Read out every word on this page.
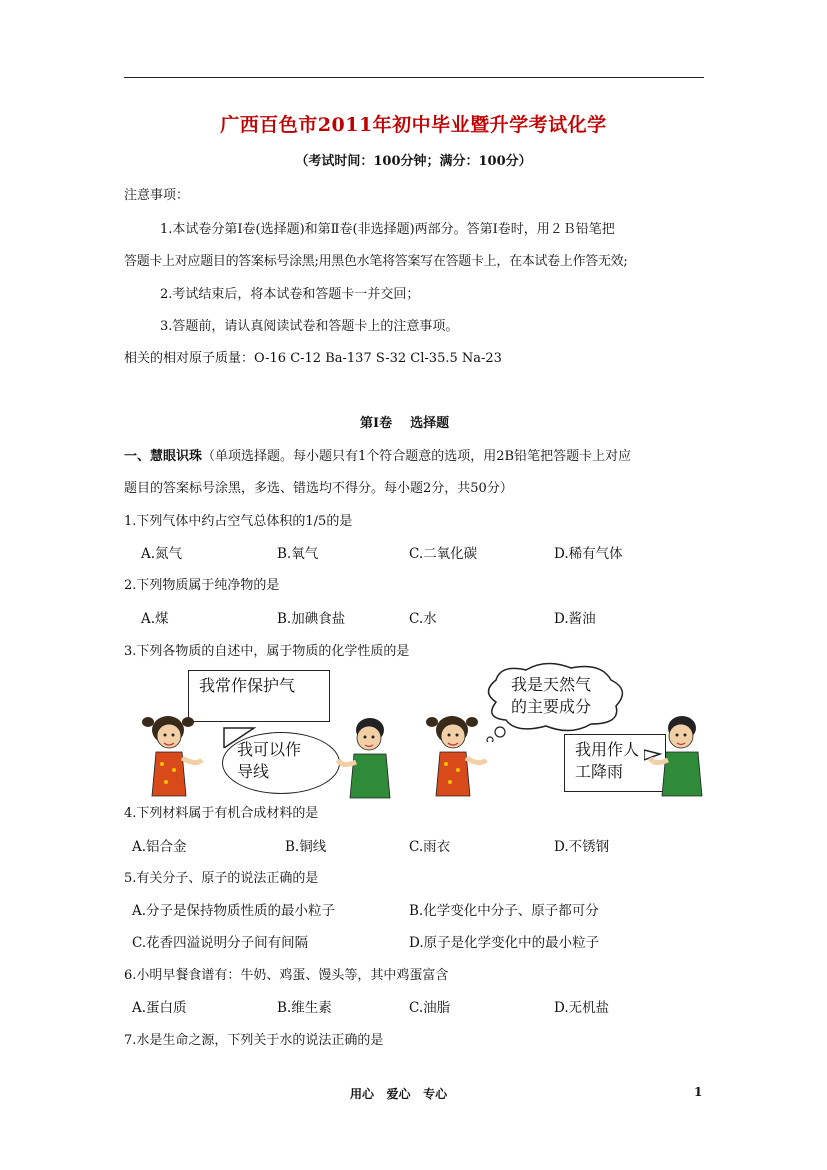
广西百色市2011年初中毕业暨升学考试化学
（考试时间：100分钟；满分：100分）
注意事项：
1.本试卷分第Ⅰ卷(选择题)和第Ⅱ卷(非选择题)两部分。答第Ⅰ卷时，用２Ｂ铅笔把
答题卡上对应题目的答案标号涂黑;用黑色水笔将答案写在答题卡上，在本试卷上作答无效;
2.考试结束后，将本试卷和答题卡一并交回；
3.答题前，请认真阅读试卷和答题卡上的注意事项。
相关的相对原子质量：O-16 C-12 Ba-137 S-32 Cl-35.5 Na-23
第Ⅰ卷    选择题
一、慧眼识珠（单项选择题。每小题只有1个符合题意的选项，用2B铅笔把答题卡上对应
题目的答案标号涂黑，多选、错选均不得分。每小题2分，共50分）
1.下列气体中约占空气总体积的1/5的是
A.氮气	B.氧气	C.二氧化碳	D.稀有气体
2.下列物质属于纯净物的是
A.煤	B.加碘食盐	C.水	D.酱油
3.下列各物质的自述中，属于物质的化学性质的是
我常作保护气
我可以作
导线
我是天然气
的主要成分
我用作人
工降雨
4.下列材料属于有机合成材料的是
A.铝合金	B.铜线	C.雨衣	D.不锈钢
5.有关分子、原子的说法正确的是
A.分子是保持物质性质的最小粒子	B.化学变化中分子、原子都可分
C.花香四溢说明分子间有间隔	D.原子是化学变化中的最小粒子
6.小明早餐食谱有：牛奶、鸡蛋、馒头等，其中鸡蛋富含
A.蛋白质	B.维生素	C.油脂	D.无机盐
7.水是生命之源，下列关于水的说法正确的是
用心   爱心   专心	1
